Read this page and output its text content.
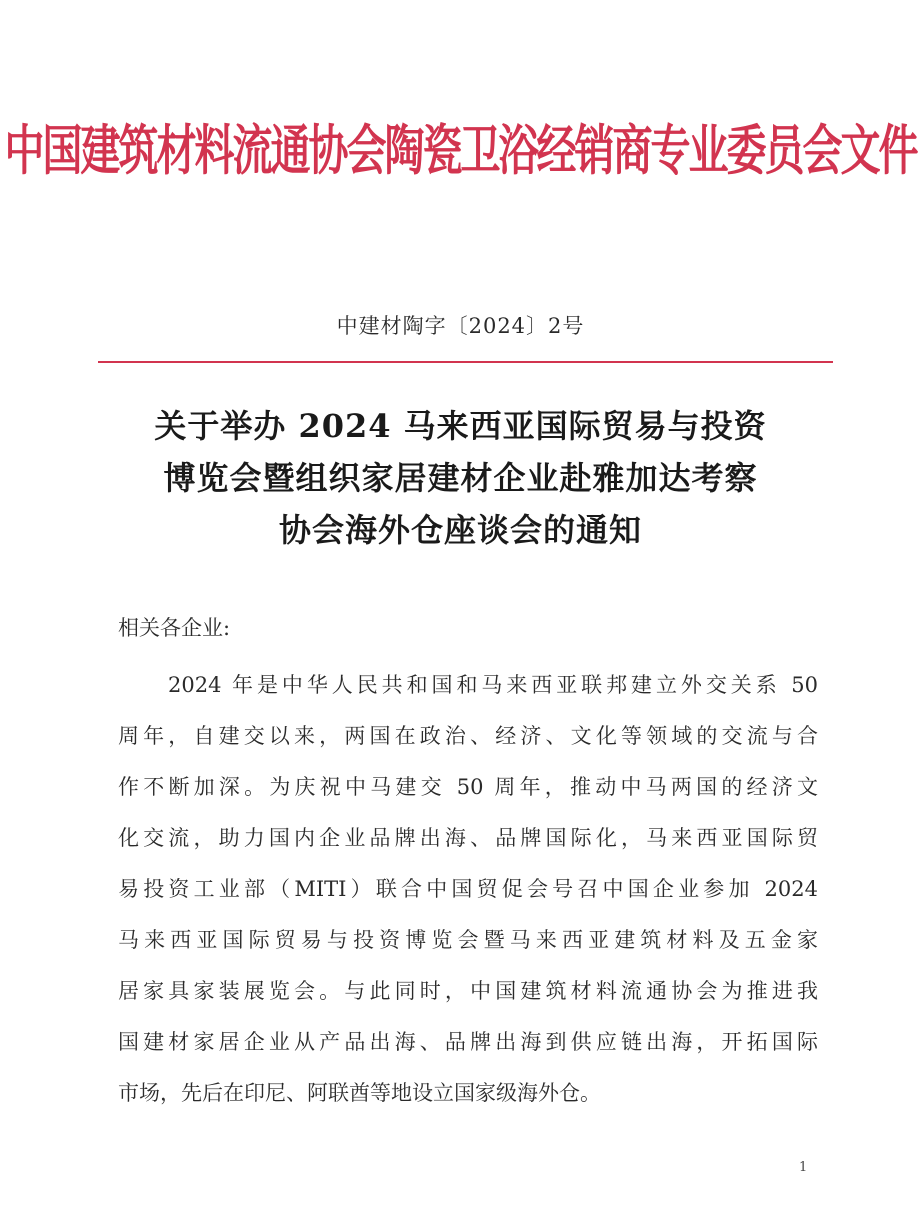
中国建筑材料流通协会陶瓷卫浴经销商专业委员会文件
中建材陶字〔2024〕2号
关于举办 2024 马来西亚国际贸易与投资
博览会暨组织家居建材企业赴雅加达考察
协会海外仓座谈会的通知
相关各企业:
2024 年是中华人民共和国和马来西亚联邦建立外交关系 50
周年，自建交以来，两国在政治、经济、文化等领域的交流与合
作不断加深。为庆祝中马建交 50 周年，推动中马两国的经济文
化交流，助力国内企业品牌出海、品牌国际化，马来西亚国际贸
易投资工业部（MITI）联合中国贸促会号召中国企业参加 2024
马来西亚国际贸易与投资博览会暨马来西亚建筑材料及五金家
居家具家装展览会。与此同时，中国建筑材料流通协会为推进我
国建材家居企业从产品出海、品牌出海到供应链出海，开拓国际
市场，先后在印尼、阿联酋等地设立国家级海外仓。
1
